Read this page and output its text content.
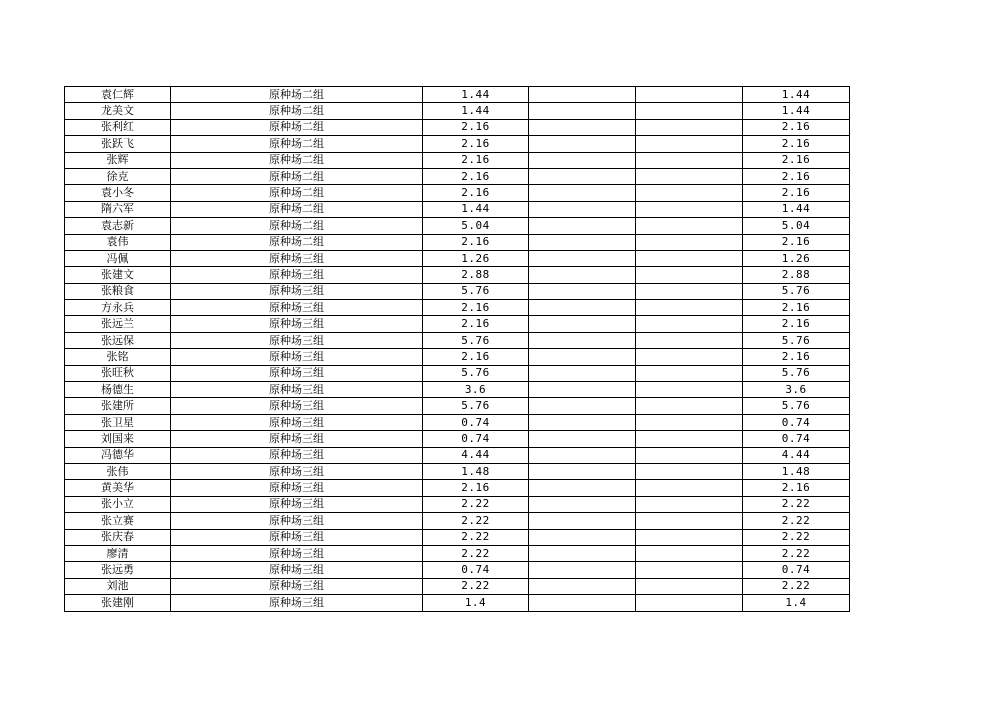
袁仁辉	原种场二组	1.44			1.44
龙美文	原种场二组	1.44			1.44
张利红	原种场二组	2.16			2.16
张跃飞	原种场二组	2.16			2.16
张辉	原种场二组	2.16			2.16
徐克	原种场二组	2.16			2.16
袁小冬	原种场二组	2.16			2.16
隋六军	原种场二组	1.44			1.44
袁志新	原种场二组	5.04			5.04
袁伟	原种场二组	2.16			2.16
冯佩	原种场三组	1.26			1.26
张建文	原种场三组	2.88			2.88
张粮食	原种场三组	5.76			5.76
方永兵	原种场三组	2.16			2.16
张远兰	原种场三组	2.16			2.16
张远保	原种场三组	5.76			5.76
张铭	原种场三组	2.16			2.16
张旺秋	原种场三组	5.76			5.76
杨德生	原种场三组	3.6			3.6
张建所	原种场三组	5.76			5.76
张卫星	原种场三组	0.74			0.74
刘国来	原种场三组	0.74			0.74
冯德华	原种场三组	4.44			4.44
张伟	原种场三组	1.48			1.48
黄美华	原种场三组	2.16			2.16
张小立	原种场三组	2.22			2.22
张立赛	原种场三组	2.22			2.22
张庆春	原种场三组	2.22			2.22
廖清	原种场三组	2.22			2.22
张远勇	原种场三组	0.74			0.74
刘池	原种场三组	2.22			2.22
张建刚	原种场三组	1.4			1.4
